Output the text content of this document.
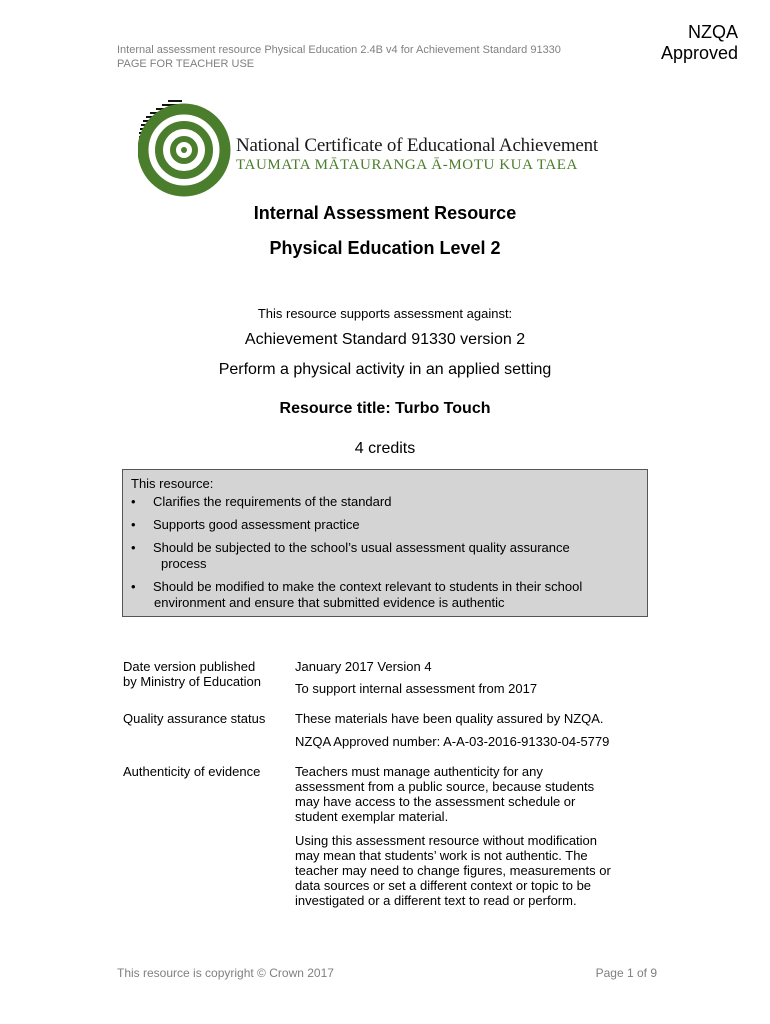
Internal assessment resource Physical Education 2.4B v4 for Achievement Standard 91330
PAGE FOR TEACHER USE
NZQA
Approved
National Certificate of Educational Achievement
TAUMATA MĀTAURANGA Ā-MOTU KUA TAEA
Internal Assessment Resource
Physical Education Level 2
This resource supports assessment against:
Achievement Standard 91330 version 2
Perform a physical activity in an applied setting
Resource title: Turbo Touch
4 credits
This resource:
• Clarifies the requirements of the standard
• Supports good assessment practice
• Should be subjected to the school’s usual assessment quality assurance
process
• Should be modified to make the context relevant to students in their school
environment and ensure that submitted evidence is authentic
Date version published
by Ministry of Education
January 2017 Version 4
To support internal assessment from 2017
Quality assurance status These materials have been quality assured by NZQA.
NZQA Approved number: A-A-03-2016-91330-04-5779
Authenticity of evidence	Teachers must manage authenticity for any
assessment from a public source, because students
may have access to the assessment schedule or
student exemplar material.
Using this assessment resource without modification
may mean that students’ work is not authentic. The
teacher may need to change figures, measurements or
data sources or set a different context or topic to be
investigated or a different text to read or perform.
This resource is copyright © Crown 2017	Page 1 of 9
